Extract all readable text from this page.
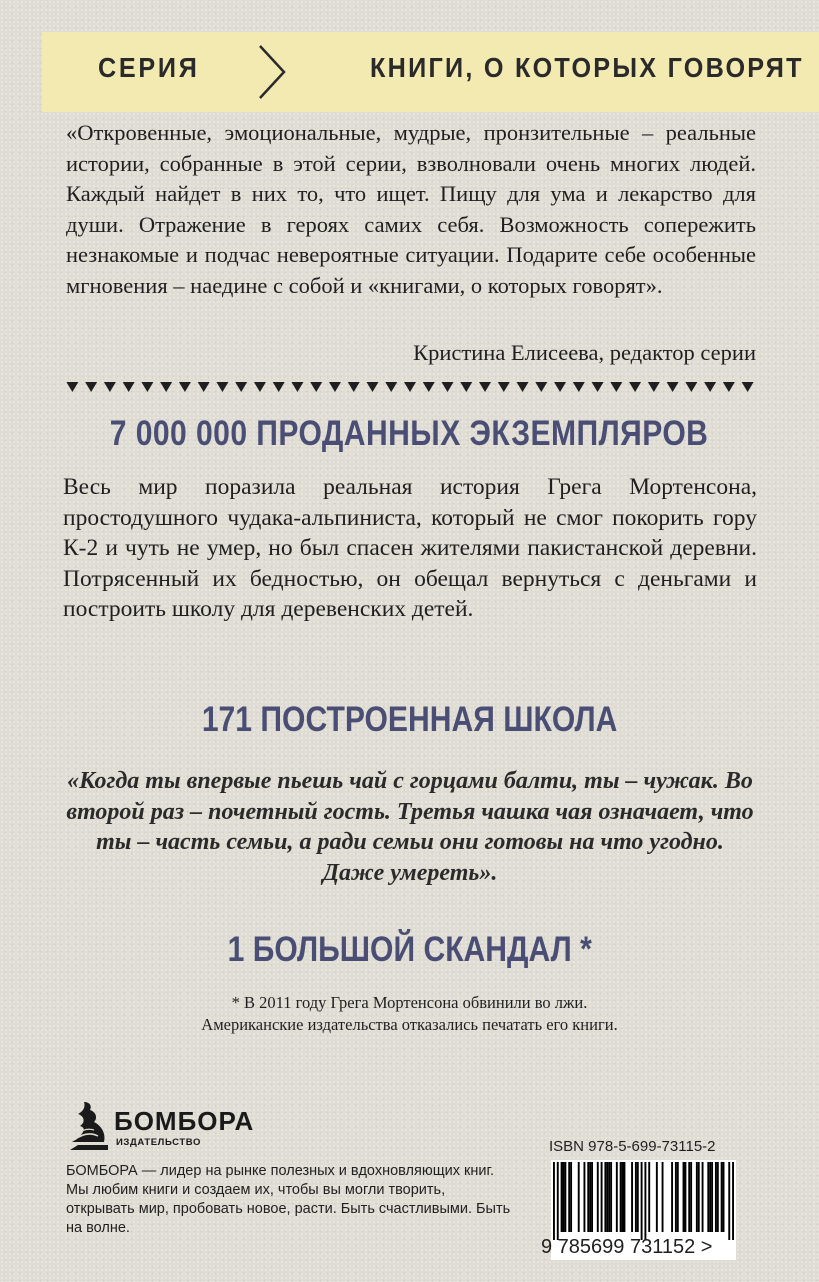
СЕРИЯ	КНИГИ, О КОТОРЫХ ГОВОРЯТ
«Откровенные, эмоциональные, мудрые, пронзительные – реальные истории, собранные в этой серии, взволновали очень многих людей. Каждый найдет в них то, что ищет. Пищу для ума и лекарство для души. Отражение в героях самих себя. Возможность сопережить незнакомые и подчас невероятные ситуации. Подарите себе особенные мгновения – наедине с собой и «книгами, о которых говорят».
Кристина Елисеева, редактор серии
7 000 000 ПРОДАННЫХ ЭКЗЕМПЛЯРОВ
Весь мир поразила реальная история Грега Мортенсона, простодушного чудака-альпиниста, который не смог покорить гору К-2 и чуть не умер, но был спасен жителями пакистанской деревни. Потрясенный их бедностью, он обещал вернуться с деньгами и построить школу для деревенских детей.
171 ПОСТРОЕННАЯ ШКОЛА
«Когда ты впервые пьешь чай с горцами балти, ты – чужак. Во второй раз – почетный гость. Третья чашка чая означает, что ты – часть семьи, а ради семьи они готовы на что угодно. Даже умереть».
1 БОЛЬШОЙ СКАНДАЛ *
* В 2011 году Грега Мортенсона обвинили во лжи.
Американские издательства отказались печатать его книги.
БОМБОРА
ИЗДАТЕЛЬСТВО
БОМБОРА — лидер на рынке полезных и вдохновляющих книг. Мы любим книги и создаем их, чтобы вы могли творить, открывать мир, пробовать новое, расти. Быть счастливыми. Быть на волне.
ISBN 978-5-699-73115-2
9 785699 731152 >
